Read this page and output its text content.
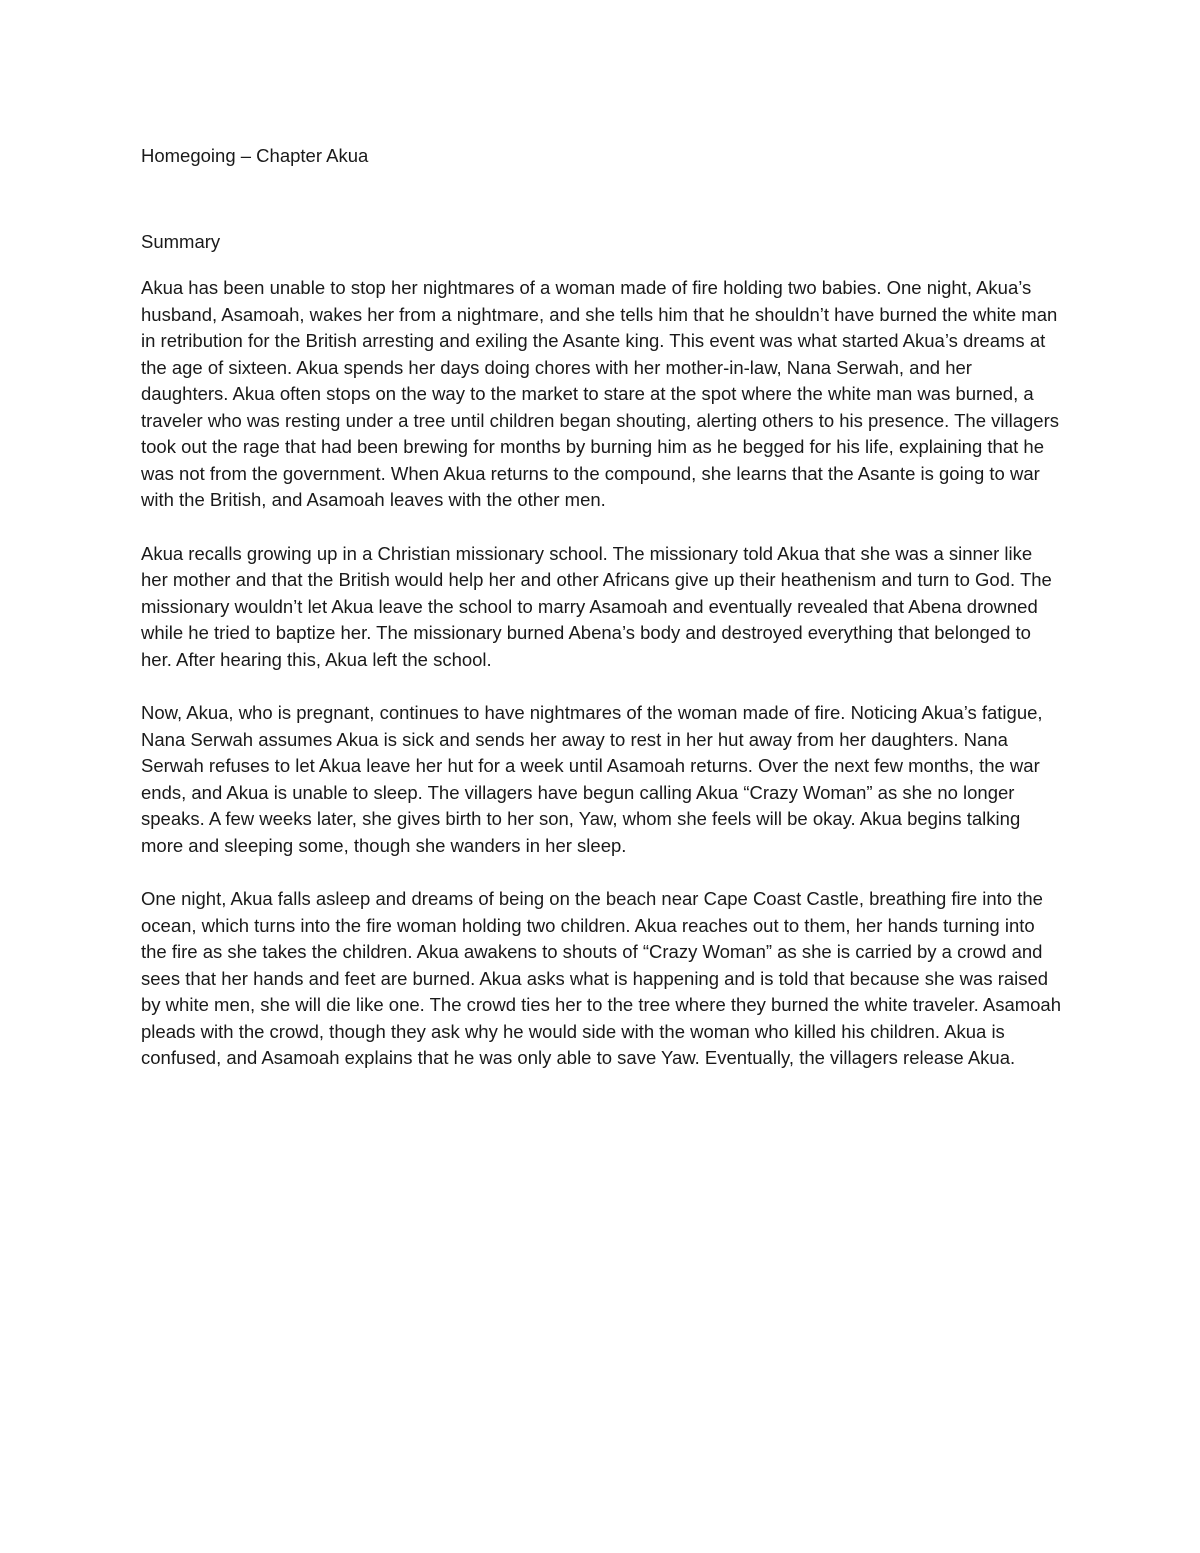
Homegoing – Chapter Akua

Summary

Akua has been unable to stop her nightmares of a woman made of fire holding two babies. One night, Akua’s husband, Asamoah, wakes her from a nightmare, and she tells him that he shouldn’t have burned the white man in retribution for the British arresting and exiling the Asante king. This event was what started Akua’s dreams at the age of sixteen. Akua spends her days doing chores with her mother-in-law, Nana Serwah, and her daughters. Akua often stops on the way to the market to stare at the spot where the white man was burned, a traveler who was resting under a tree until children began shouting, alerting others to his presence. The villagers took out the rage that had been brewing for months by burning him as he begged for his life, explaining that he was not from the government. When Akua returns to the compound, she learns that the Asante is going to war with the British, and Asamoah leaves with the other men.

Akua recalls growing up in a Christian missionary school. The missionary told Akua that she was a sinner like her mother and that the British would help her and other Africans give up their heathenism and turn to God. The missionary wouldn’t let Akua leave the school to marry Asamoah and eventually revealed that Abena drowned while he tried to baptize her. The missionary burned Abena’s body and destroyed everything that belonged to her. After hearing this, Akua left the school.

Now, Akua, who is pregnant, continues to have nightmares of the woman made of fire. Noticing Akua’s fatigue, Nana Serwah assumes Akua is sick and sends her away to rest in her hut away from her daughters. Nana Serwah refuses to let Akua leave her hut for a week until Asamoah returns. Over the next few months, the war ends, and Akua is unable to sleep. The villagers have begun calling Akua “Crazy Woman” as she no longer speaks. A few weeks later, she gives birth to her son, Yaw, whom she feels will be okay. Akua begins talking more and sleeping some, though she wanders in her sleep.

One night, Akua falls asleep and dreams of being on the beach near Cape Coast Castle, breathing fire into the ocean, which turns into the fire woman holding two children. Akua reaches out to them, her hands turning into the fire as she takes the children. Akua awakens to shouts of “Crazy Woman” as she is carried by a crowd and sees that her hands and feet are burned. Akua asks what is happening and is told that because she was raised by white men, she will die like one. The crowd ties her to the tree where they burned the white traveler. Asamoah pleads with the crowd, though they ask why he would side with the woman who killed his children. Akua is confused, and Asamoah explains that he was only able to save Yaw. Eventually, the villagers release Akua.
